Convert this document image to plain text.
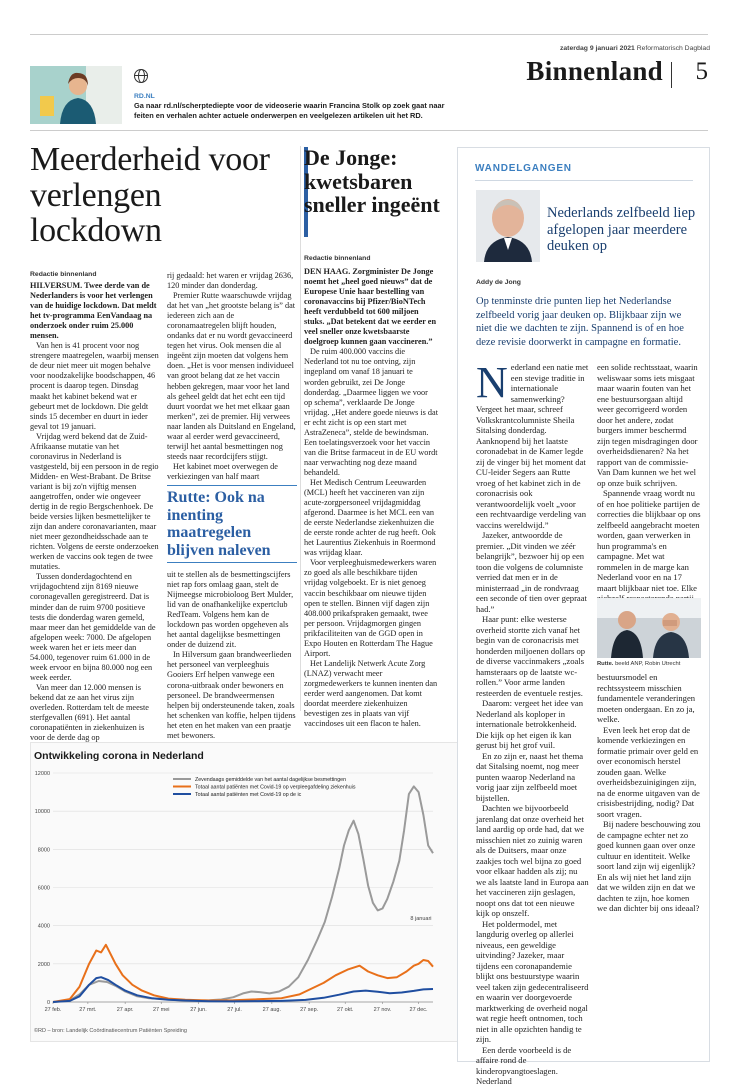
zaterdag 9 januari 2021 Reformatorisch Dagblad
Binnenland 5
RD.NL
Ga naar rd.nl/scherptediepte voor de videoserie waarin Francina Stolk op zoek gaat naar feiten en verhalen achter actuele onderwerpen en veelgelezen artikelen uit het RD.
Meerderheid voor verlengen lockdown
Redactie binnenland

HILVERSUM. Twee derde van de Nederlanders is voor het verlengen van de huidige lockdown. Dat meldt het tv-programma EenVandaag na onderzoek onder ruim 25.000 mensen.

Van hen is 41 procent voor nog strengere maatregelen, waarbij mensen de deur niet meer uit mogen behalve voor noodzakelijke boodschappen, 46 procent is daarop tegen. Dinsdag maakt het kabinet bekend wat er gebeurt met de lockdown. Die geldt sinds 15 december en duurt in ieder geval tot 19 januari.

Vrijdag werd bekend dat de Zuid-Afrikaanse mutatie van het coronavirus in Nederland is vastgesteld, bij een persoon in de regio Midden- en West-Brabant. De Britse variant is bij zo'n vijftig mensen aangetroffen, onder wie ongeveer dertig in de regio Bergschenhoek. De beide versies lijken besmettelijker te zijn dan andere coronavarianten, maar niet meer gezondheidsschade aan te richten. Volgens de eerste onderzoeken werken de vaccins ook tegen de twee mutaties.

Tussen donderdagochtend en vrijdagochtend zijn 8169 nieuwe coronagevallen geregistreerd. Dat is minder dan de ruim 9700 positieve tests die donderdag waren gemeld, maar meer dan het gemiddelde van de afgelopen week: 7000. De afgelopen week waren het er iets meer dan 54.000, tegenover ruim 61.000 in de week ervoor en bijna 80.000 nog een week eerder.

Van meer dan 12.000 mensen is bekend dat ze aan het virus zijn overleden. Rotterdam telt de meeste sterfgevallen (691). Het aantal coronapatiënten in ziekenhuizen is voor de derde dag op

rij gedaald: het waren er vrijdag 2636, 120 minder dan donderdag.

Premier Rutte waarschuwde vrijdag dat het van „het grootste belang is” dat iedereen zich aan de coronamaatregelen blijft houden, ondanks dat er nu wordt gevaccineerd tegen het virus. Ook mensen die al ingeënt zijn moeten dat volgens hem doen. „Het is voor mensen individueel van groot belang dat ze het vaccin hebben gekregen, maar voor het land als geheel geldt dat het echt een tijd duurt voordat we het met elkaar gaan merken”, zei de premier. Hij verwees naar landen als Duitsland en Engeland, waar al eerder werd gevaccineerd, terwijl het aantal besmettingen nog steeds naar recordcijfers stijgt.

Het kabinet moet overwegen de verkiezingen van half maart

Rutte: Ook na inenting maatregelen blijven naleven

uit te stellen als de besmettingscijfers niet rap fors omlaag gaan, stelt de Nijmeegse microbioloog Bert Mulder, lid van de onafhankelijke expertclub RedTeam. Volgens hem kan de lockdown pas worden opgeheven als het aantal dagelijkse besmettingen onder de duizend zit.

In Hilversum gaan brandweerlieden het personeel van verpleeghuis Gooiers Erf helpen vanwege een corona-uitbraak onder bewoners en personeel. De brandweermensen helpen bij ondersteunende taken, zoals het schenken van koffie, helpen tijdens het eten en het maken van een praatje met bewoners.

De Jonge: kwetsbaren sneller ingeënt
Redactie binnenland

DEN HAAG. Zorgminister De Jonge noemt het „heel goed nieuws” dat de Europese Unie haar bestelling van coronavaccins bij Pfizer/BioNTech heeft verdubbeld tot 600 miljoen stuks. „Dat betekent dat we eerder en veel sneller onze kwetsbaarste doelgroep kunnen gaan vaccineren.”

De ruim 400.000 vaccins die Nederland tot nu toe ontving, zijn ingepland om vanaf 18 januari te worden gebruikt, zei De Jonge donderdag. „Daarmee liggen we voor op schema”, verklaarde De Jonge vrijdag. „Het andere goede nieuws is dat er echt zicht is op een start met AstraZeneca”, stelde de bewindsman. Een toelatingsverzoek voor het vaccin van die Britse farmaceut in de EU wordt naar verwachting nog deze maand behandeld.

Het Medisch Centrum Leeuwarden (MCL) heeft het vaccineren van zijn acute-zorgpersoneel vrijdagmiddag afgerond. Daarmee is het MCL een van de eerste Nederlandse ziekenhuizen die de eerste ronde achter de rug heeft. Ook het Laurentius Ziekenhuis in Roermond was vrijdag klaar.

Voor verpleeghuismedewerkers waren zo goed als alle beschikbare tijden vrijdag volgeboekt. Er is niet genoeg vaccin beschikbaar om nieuwe tijden open te stellen. Binnen vijf dagen zijn 408.000 prikafspraken gemaakt, twee per persoon. Vrijdagmorgen gingen prikfaciliteiten van de GGD open in Expo Houten en Rotterdam The Hague Airport.

Het Landelijk Netwerk Acute Zorg (LNAZ) verwacht meer zorgmedewerkers te kunnen inenten dan eerder werd aangenomen. Dat komt doordat meerdere ziekenhuizen bevestigen zes in plaats van vijf vaccindoses uit een flacon te halen.

Ontwikkeling corona in Nederland
0
2000
4000
6000
8000
10000
12000
27 feb.	27 mrt.	27 apr.	27 mei	27 jun.	27 jul.	27 aug.	27 sep.	27 okt.	27 nov.	27 dec.
Zevendaags gemiddelde van het aantal dagelijkse besmettingen
Totaal aantal patiënten met Covid-19 op verpleegafdeling ziekenhuis
Totaal aantal patiënten met Covid-19 op de ic
8 januari
©RD – bron: Landelijk Coördinatiecentrum Patiënten Spreiding
WANDELGANGEN
Nederlands zelfbeeld liep afgelopen jaar meerdere deuken op
Addy de Jong
Op tenminste drie punten liep het Nederlandse zelfbeeld vorig jaar deuken op. Blijkbaar zijn we niet die we dachten te zijn. Spannend is of en hoe deze revisie doorwerkt in campagne en formatie.

Nederland een natie met een stevige traditie in internationale samenwerking? Vergeet het maar, schreef Volkskrantcolumniste Sheila Sitalsing donderdag. Aanknopend bij het laatste coronadebat in de Kamer legde zij de vinger bij het moment dat CU-leider Segers aan Rutte vroeg of het kabinet zich in de coronacrisis ook verantwoordelijk voelt „voor een rechtvaardige verdeling van vaccins wereldwijd.”

Jazeker, antwoordde de premier. „Dit vinden we zéér belangrijk”, bezwoer hij op een toon die volgens de columniste verried dat men er in de ministerraad „in de rondvraag een seconde of tien over gepraat had.”

Haar punt: elke westerse overheid stortte zich vanaf het begin van de coronacrisis met honderden miljoenen dollars op de diverse vaccinmakers „zoals hamsteraars op de laatste wc-rollen.” Voor arme landen resteerden de eventuele restjes.

Daarom: vergeet het idee van Nederland als koploper in internationale betrokkenheid. Die kijk op het eigen ik kan gerust bij het grof vuil.

En zo zijn er, naast het thema dat Sitalsing noemt, nog meer punten waarop Nederland na vorig jaar zijn zelfbeeld moet bijstellen.

Dachten we bijvoorbeeld jarenlang dat onze overheid het land aardig op orde had, dat we misschien niet zo zuinig waren als de Duitsers, maar onze zaakjes toch wel bijna zo goed voor elkaar hadden als zij; nu we als laatste land in Europa aan het vaccineren zijn geslagen, noopt ons dat tot een nieuwe kijk op onszelf.

Het poldermodel, met langdurig overleg op allerlei niveaus, een geweldige uitvinding? Jazeker, maar tijdens een coronapandemie blijkt ons bestuurstype waarin veel taken zijn gedecentraliseerd en waarin ver doorgevoerde marktwerking de overheid nogal wat regie heeft ontnomen, toch niet in alle opzichten handig te zijn.

Een derde voorbeeld is de affaire rond de kinderopvangtoeslagen. Nederland

een solide rechtsstaat, waarin weliswaar soms iets misgaat maar waarin fouten van het ene bestuursorgaan altijd weer gecorrigeerd worden door het andere, zodat burgers immer beschermd zijn tegen misdragingen door overheidsdienaren? Na het rapport van de commissie-Van Dam kunnen we het wel op onze buik schrijven.

Spannende vraag wordt nu of en hoe politieke partijen de correcties die blijkbaar op ons zelfbeeld aangebracht moeten worden, gaan verwerken in hun programma's en campagne. Met wat rommelen in de marge kan Nederland voor en na 17 maart blijkbaar niet toe. Elke

Rutte. beeld ANP, Robin Utrecht

bestuursmodel en rechtssysteem misschien fundamentele veranderingen moeten ondergaan. En zo ja, welke.

Even leek het erop dat de komende verkiezingen en formatie primair over geld en over economisch herstel zouden gaan. Welke overheidsbezuinigingen zijn, na de enorme uitgaven van de crisisbestrijding, nodig? Dat soort vragen.

Bij nadere beschouwing zou de campagne echter net zo goed kunnen gaan over onze cultuur en identiteit. Welke soort land zijn wij eigenlijk? En als wij niet het land zijn dat we wilden zijn en dat we dachten te zijn, hoe komen we dan dichter bij ons ideaal?
